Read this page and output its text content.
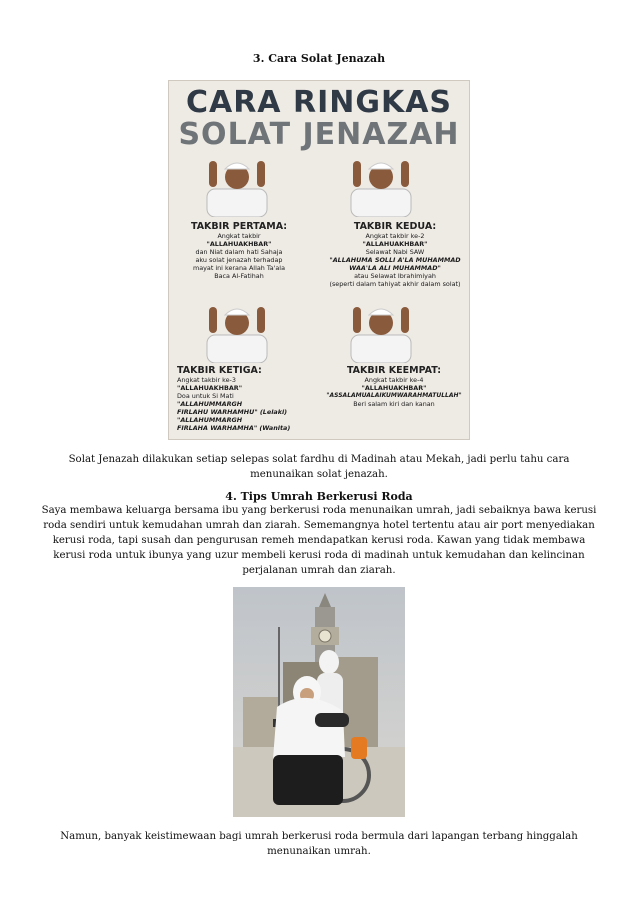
3. Cara Solat Jenazah
CARA RINGKAS
SOLAT JENAZAH
TAKBIR PERTAMA:
Angkat takbir
"ALLAHUAKHBAR"
dan Niat dalam hati Sahaja
aku solat jenazah terhadap
mayat ini kerana Allah Ta'ala
Baca Al-Fatihah
TAKBIR KEDUA:
Angkat takbir ke-2
"ALLAHUAKHBAR"
Selawat Nabi SAW
"ALLAHUMA SOLLI A'LA MUHAMMAD
WAA'LA ALI MUHAMMAD"
atau Selawat Ibrahimiyah
(seperti dalam tahiyat akhir dalam solat)
TAKBIR KETIGA:
Angkat takbir ke-3
"ALLAHUAKHBAR"
Doa untuk Si Mati
"ALLAHUMMARGH
FIRLAHU WARHAMHU" (Lelaki)
"ALLAHUMMARGH
FIRLAHA WARHAMHA" (Wanita)
TAKBIR KEEMPAT:
Angkat takbir ke-4
"ALLAHUAKHBAR"
"ASSALAMUALAIKUMWARAHMATULLAH"
Beri salam kiri dan kanan
Solat Jenazah dilakukan setiap selepas solat fardhu di Madinah atau Mekah, jadi perlu tahu cara
menunaikan solat jenazah.
4. Tips Umrah Berkerusi Roda
Saya membawa keluarga bersama ibu yang berkerusi roda menunaikan umrah, jadi sebaiknya bawa kerusi
roda sendiri untuk kemudahan umrah dan ziarah. Sememangnya hotel tertentu atau air port menyediakan
kerusi roda, tapi susah dan pengurusan remeh mendapatkan kerusi roda. Kawan yang tidak membawa
kerusi roda untuk ibunya yang uzur membeli kerusi roda di madinah untuk kemudahan dan kelincinan
perjalanan umrah dan ziarah.
Namun, banyak keistimewaan bagi umrah berkerusi roda bermula dari lapangan terbang hinggalah
menunaikan umrah.
